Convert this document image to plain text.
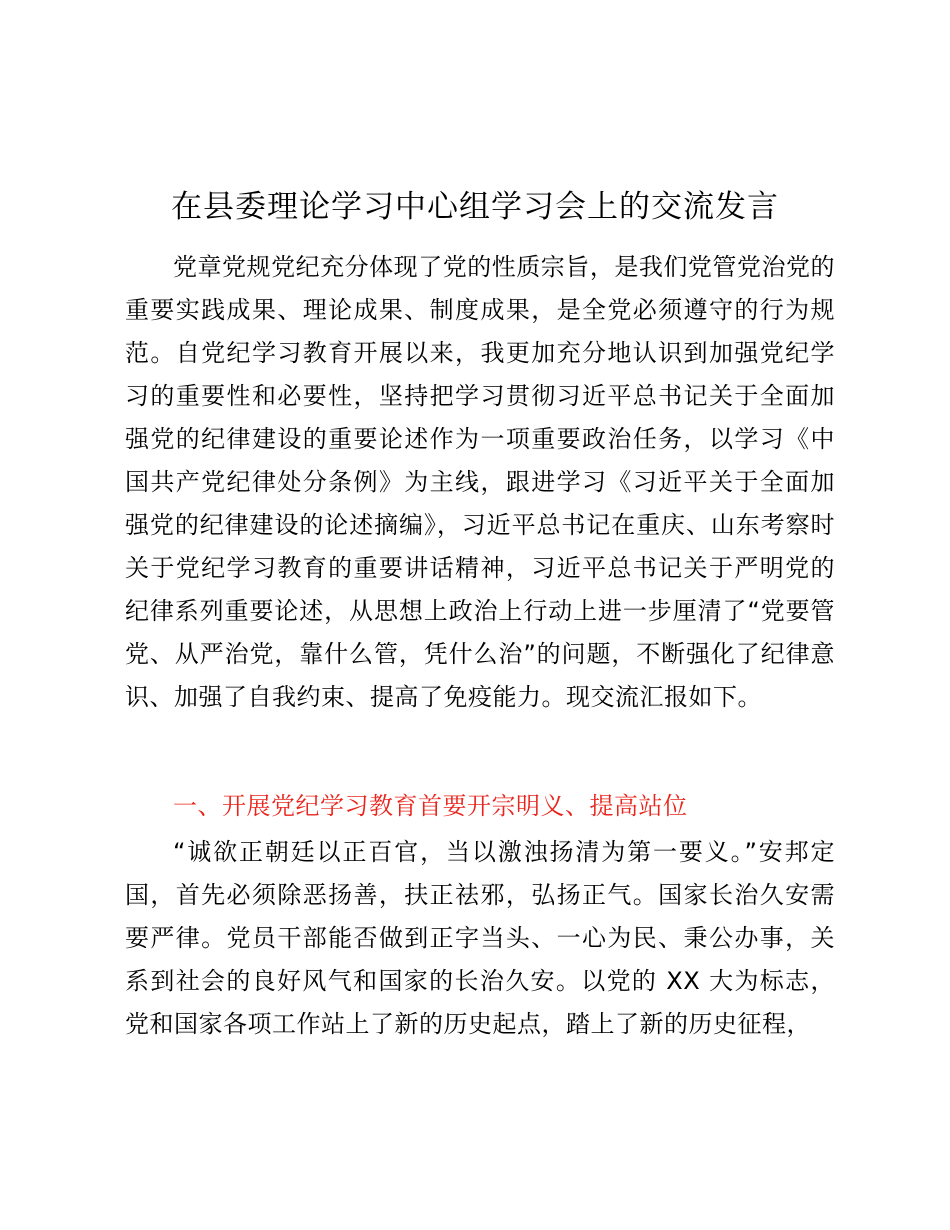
在县委理论学习中心组学习会上的交流发言

党章党规党纪充分体现了党的性质宗旨，是我们党管党治党的重要实践成果、理论成果、制度成果，是全党必须遵守的行为规范。自党纪学习教育开展以来，我更加充分地认识到加强党纪学习的重要性和必要性，坚持把学习贯彻习近平总书记关于全面加强党的纪律建设的重要论述作为一项重要政治任务，以学习《中国共产党纪律处分条例》为主线，跟进学习《习近平关于全面加强党的纪律建设的论述摘编》，习近平总书记在重庆、山东考察时关于党纪学习教育的重要讲话精神，习近平总书记关于严明党的纪律系列重要论述，从思想上政治上行动上进一步厘清了“党要管党、从严治党，靠什么管，凭什么治”的问题，不断强化了纪律意识、加强了自我约束、提高了免疫能力。现交流汇报如下。

一、开展党纪学习教育首要开宗明义、提高站位

“诚欲正朝廷以正百官，当以激浊扬清为第一要义。”安邦定国，首先必须除恶扬善，扶正祛邪，弘扬正气。国家长治久安需要严律。党员干部能否做到正字当头、一心为民、秉公办事，关系到社会的良好风气和国家的长治久安。以党的 XX 大为标志，党和国家各项工作站上了新的历史起点，踏上了新的历史征程，
